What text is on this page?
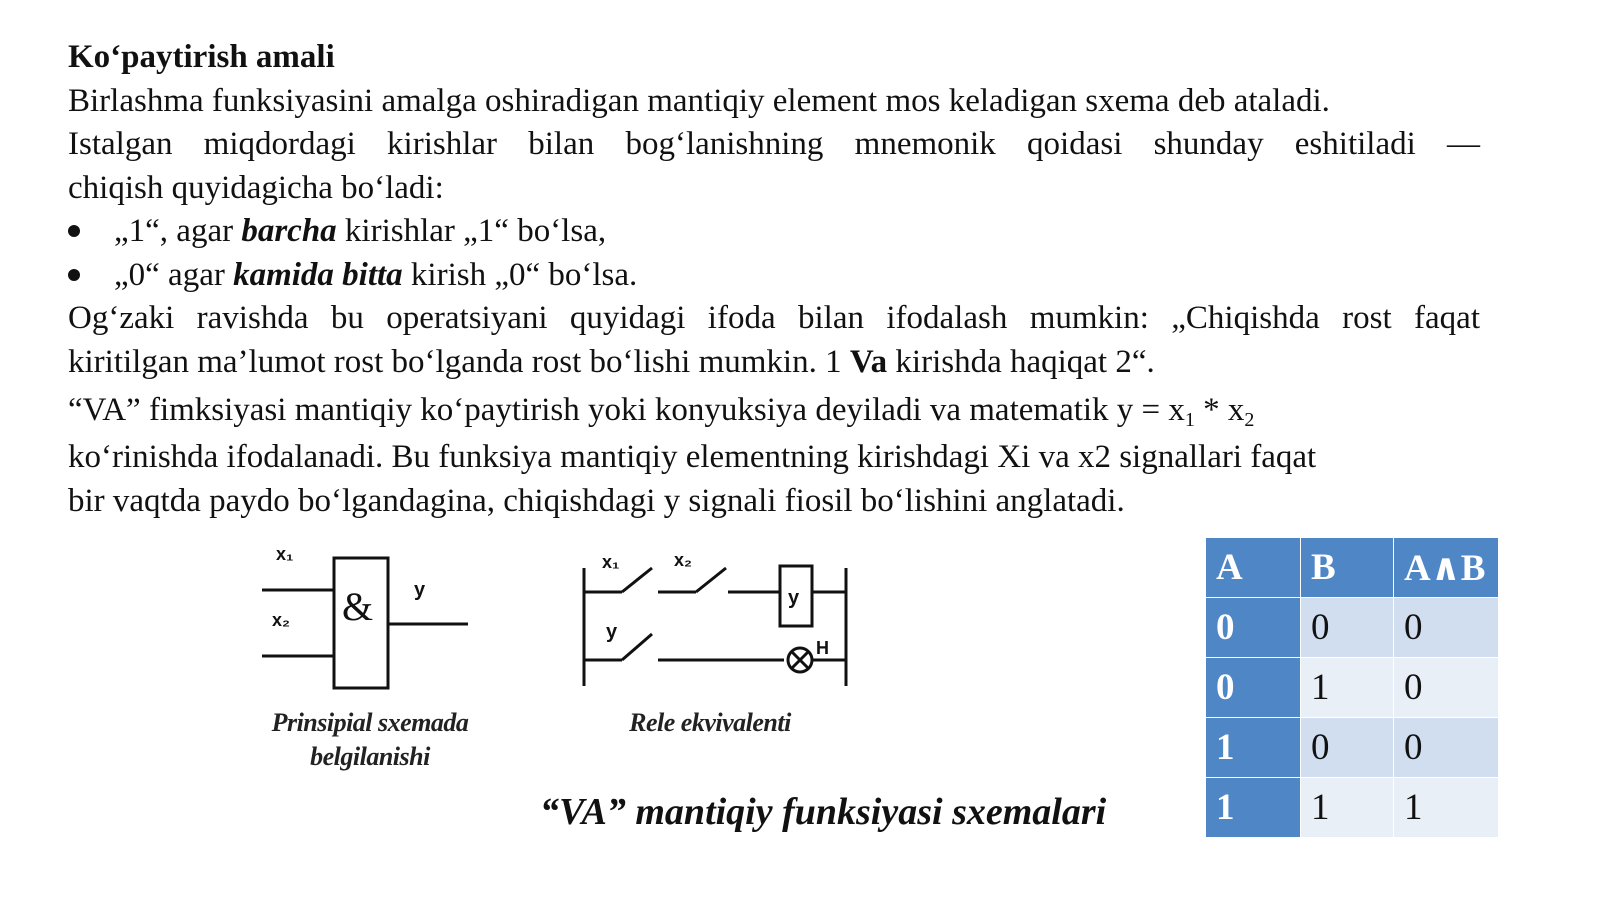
Koʻpaytirish amali

Birlashma funksiyasini amalga oshiradigan mantiqiy element mos keladigan sxema deb ataladi.

Istalgan miqdordagi kirishlar bilan bogʻlanishning mnemonik qoidasi shunday eshitiladi —

chiqish quyidagicha boʻladi:

„1“, agar barcha kirishlar „1“ boʻlsa,
„0“ agar kamida bitta kirish „0“ boʻlsa.

Ogʻzaki ravishda bu operatsiyani quyidagi ifoda bilan ifodalash mumkin: „Chiqishda rost faqat

kiritilgan ma’lumot rost boʻlganda rost boʻlishi mumkin. 1 Va kirishda haqiqat 2“.

“VA” fimksiyasi mantiqiy koʻpaytirish yoki konyuksiya deyiladi va matematik $y = x_1 * x_2$

koʻrinishda ifodalanadi. Bu funksiya mantiqiy elementning kirishdagi Xi va x2 signallari faqat

bir vaqtda paydo boʻlgandagina, chiqishdagi y signali fiosil boʻlishini anglatadi.

x₁
x₂ & y
x₁	x₂
y
y
H
Prinsipial sxemada
belgilanishi
Rele ekvivalenti
“VA” mantiqiy funksiyasi sxemalari
A	B	A∧B
0	0	0
0	1	0
1	0	0
1	1	1
